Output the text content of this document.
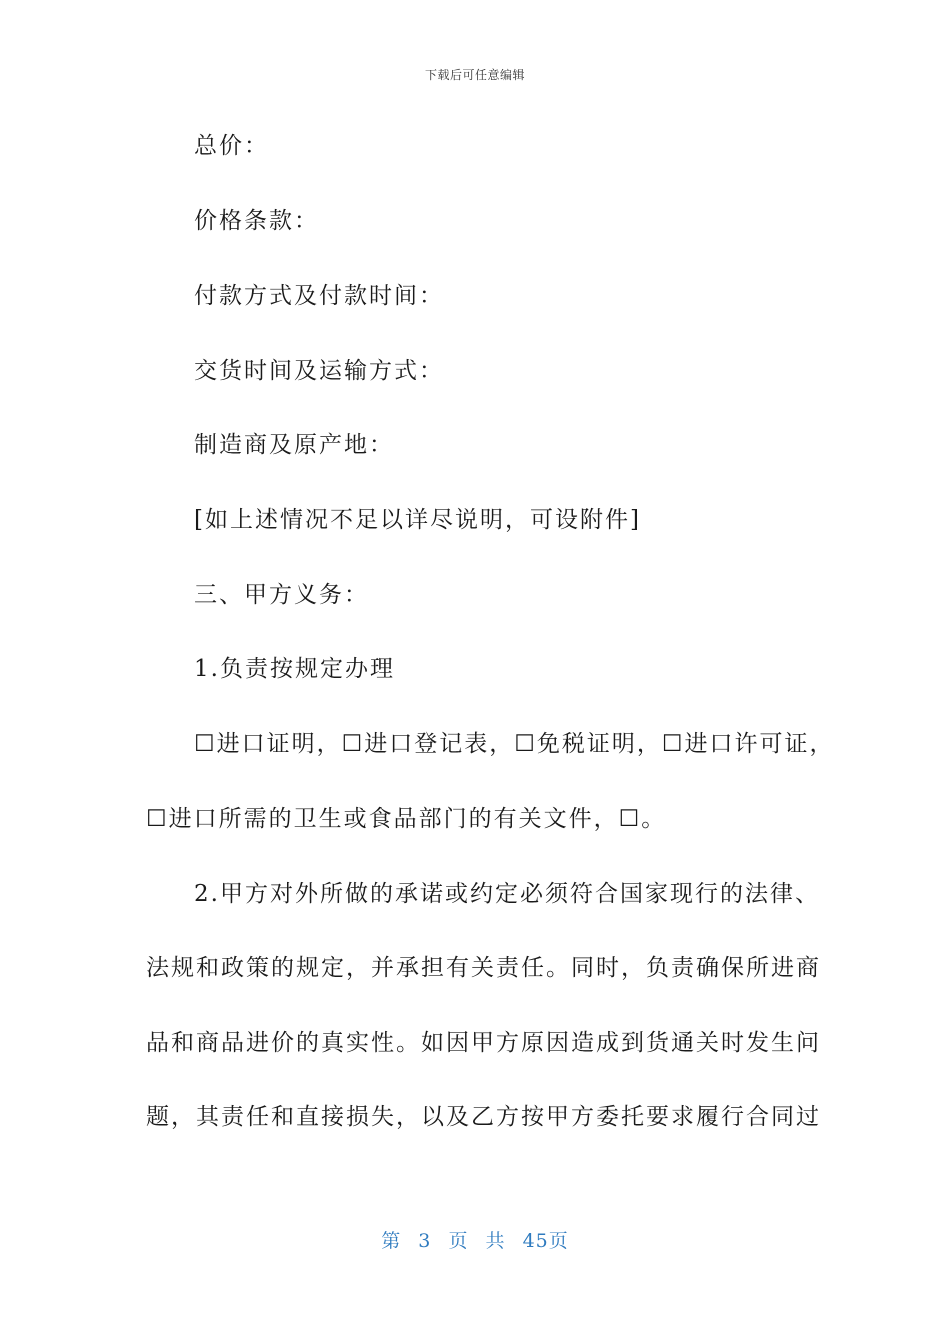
下载后可任意编辑
总价：
价格条款：
付款方式及付款时间：
交货时间及运输方式：
制造商及原产地：
[如上述情况不足以详尽说明，可设附件]
三、甲方义务：
1.负责按规定办理
☐进口证明，☐进口登记表，☐免税证明，☐进口许可证，
☐进口所需的卫生或食品部门的有关文件，☐。
2.甲方对外所做的承诺或约定必须符合国家现行的法律、
法规和政策的规定，并承担有关责任。同时，负责确保所进商
品和商品进价的真实性。如因甲方原因造成到货通关时发生问
题，其责任和直接损失，以及乙方按甲方委托要求履行合同过
第 3 页 共 45页
